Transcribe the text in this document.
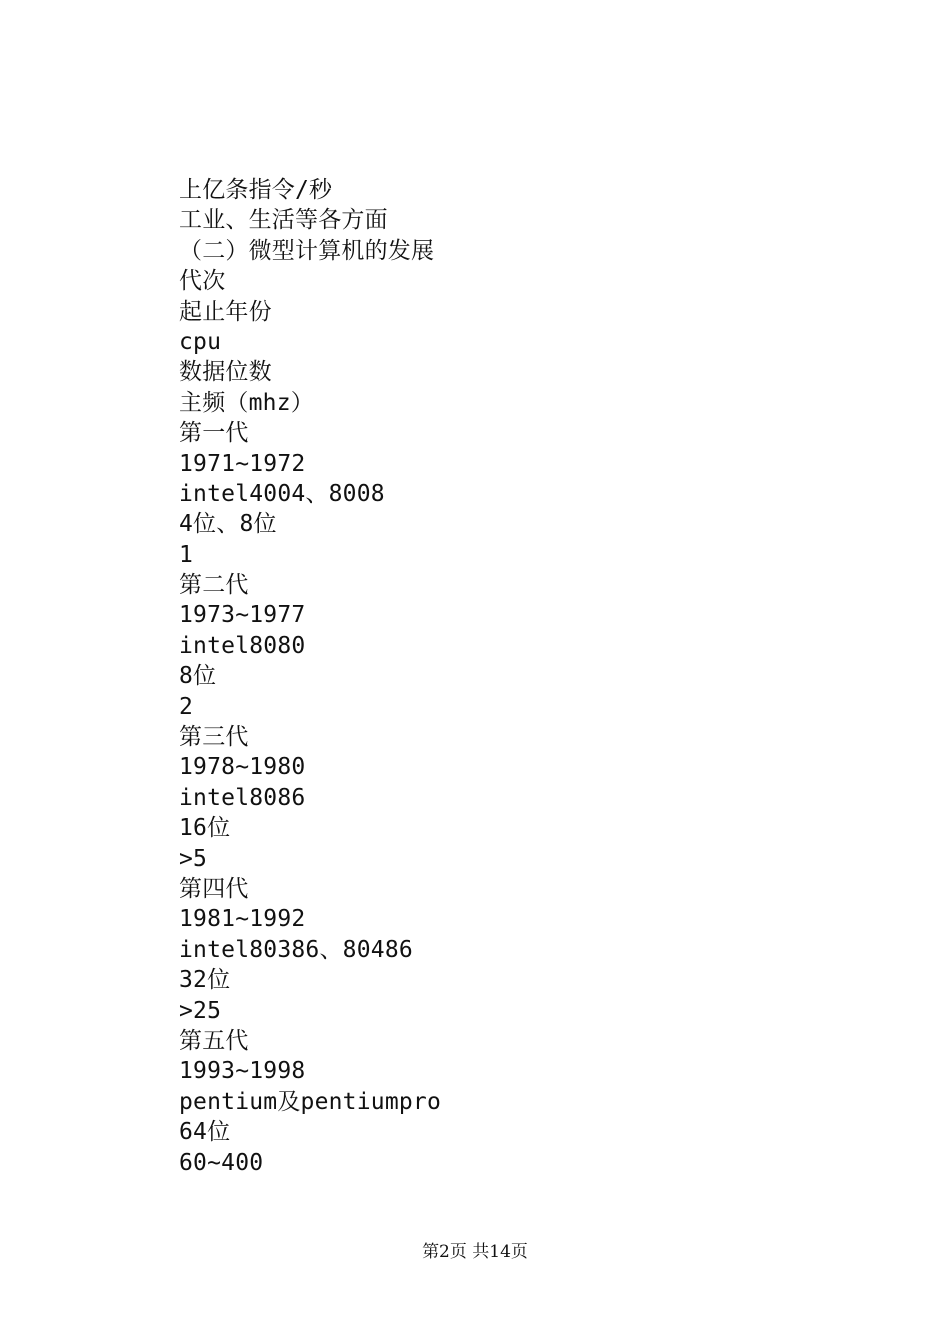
上亿条指令/秒
工业、生活等各方面
（二）微型计算机的发展
代次
起止年份
cpu
数据位数
主频（mhz）
第一代
1971~1972
intel4004、8008
4位、8位
1
第二代
1973~1977
intel8080
8位
2
第三代
1978~1980
intel8086
16位
>5
第四代
1981~1992
intel80386、80486
32位
>25
第五代
1993~1998
pentium及pentiumpro
64位
60~400
第2页 共14页
